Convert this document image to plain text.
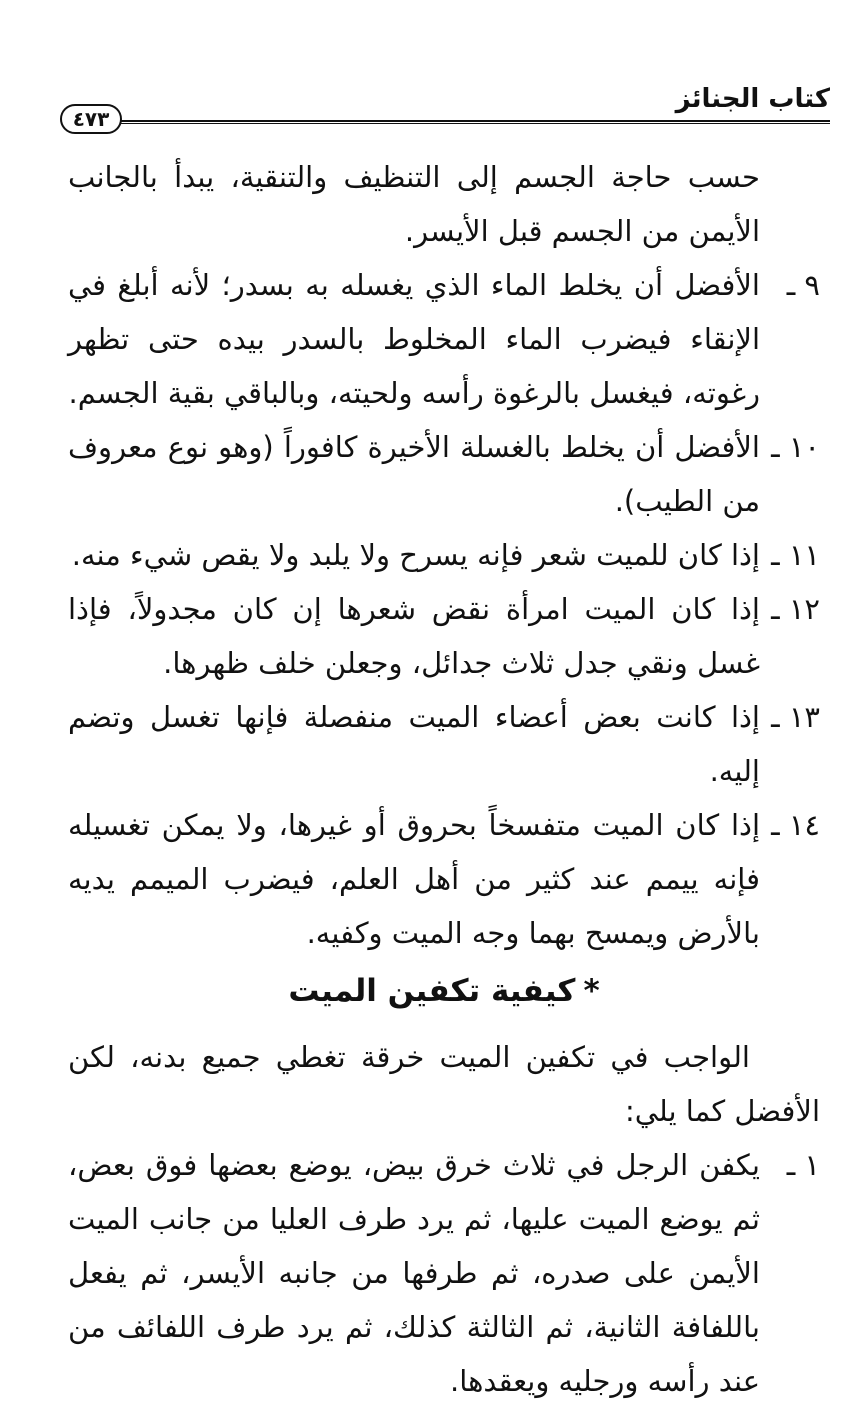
كتاب الجنائز
٤٧٣

حسب حاجة الجسم إلى التنظيف والتنقية، يبدأ بالجانب الأيمن من الجسم قبل الأيسر.

٩ ـ
الأفضل أن يخلط الماء الذي يغسله به بسدر؛ لأنه أبلغ في الإنقاء فيضرب الماء المخلوط بالسدر بيده حتى تظهر رغوته، فيغسل بالرغوة رأسه ولحيته، وبالباقي بقية الجسم.
١٠ ـ
الأفضل أن يخلط بالغسلة الأخيرة كافوراً (وهو نوع معروف من الطيب).
١١ ـ
إذا كان للميت شعر فإنه يسرح ولا يلبد ولا يقص شيء منه.
١٢ ـ
إذا كان الميت امرأة نقض شعرها إن كان مجدولاً، فإذا غسل ونقي جدل ثلاث جدائل، وجعلن خلف ظهرها.
١٣ ـ
إذا كانت بعض أعضاء الميت منفصلة فإنها تغسل وتضم إليه.
١٤ ـ
إذا كان الميت متفسخاً بحروق أو غيرها، ولا يمكن تغسيله فإنه ييمم عند كثير من أهل العلم، فيضرب الميمم يديه بالأرض ويمسح بهما وجه الميت وكفيه.
*كيفية تكفين الميت

الواجب في تكفين الميت خرقة تغطي جميع بدنه، لكن الأفضل كما يلي:

١ ـ
يكفن الرجل في ثلاث خرق بيض، يوضع بعضها فوق بعض، ثم يوضع الميت عليها، ثم يرد طرف العليا من جانب الميت الأيمن على صدره، ثم طرفها من جانبه الأيسر، ثم يفعل باللفافة الثانية، ثم الثالثة كذلك، ثم يرد طرف اللفائف من عند رأسه ورجليه ويعقدها.
